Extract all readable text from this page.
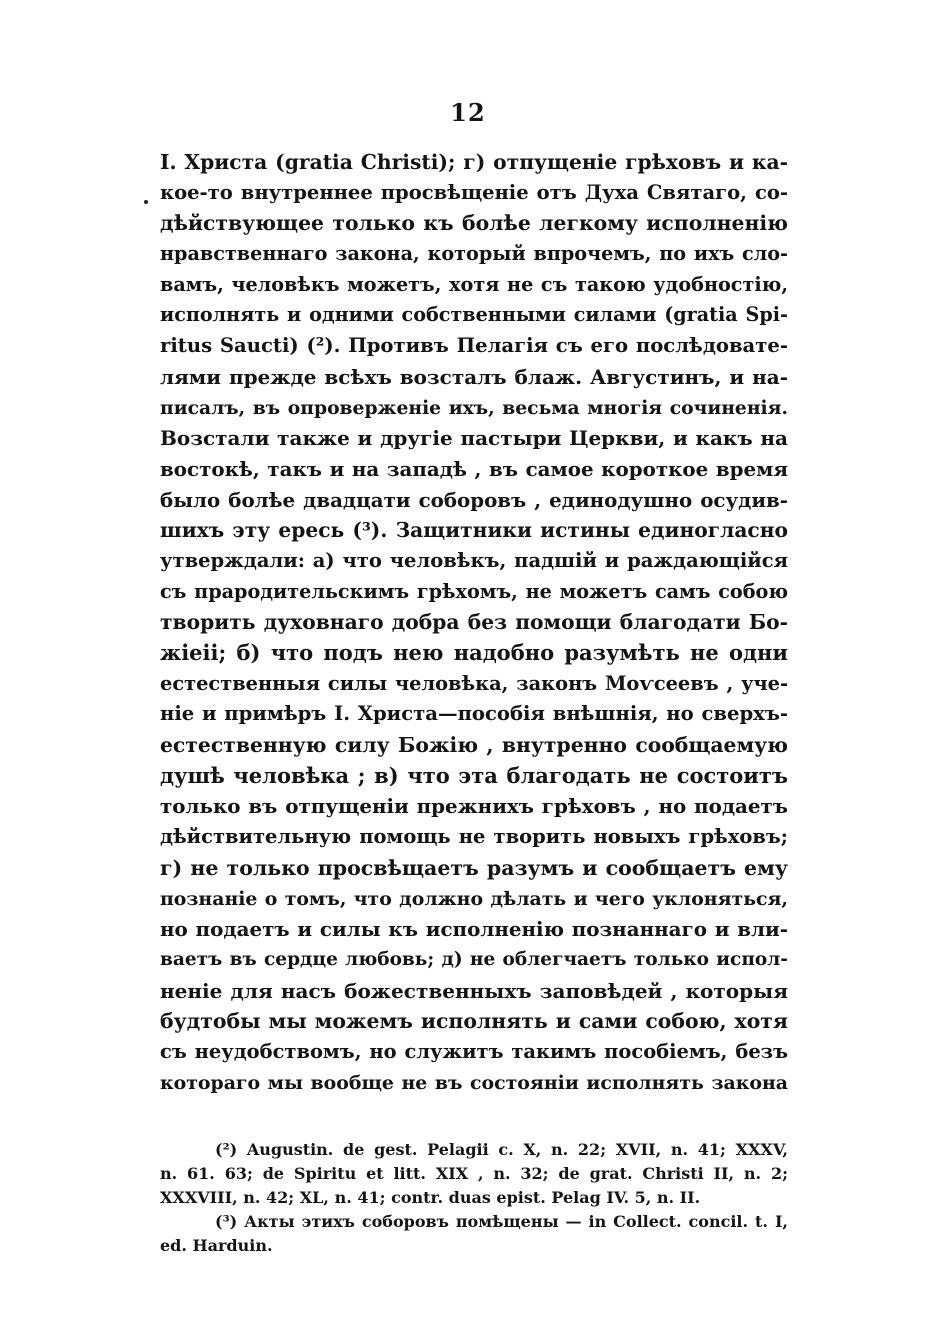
12
I. Христа (gratia Christi); г) отпущеніе грѣховъ и ка-
кое-то внутреннее просвѣщеніе отъ Духа Святаго, со-
дѣйствующее только къ болѣе легкому исполненію
нравственнаго закона, который впрочемъ, по ихъ сло-
вамъ, человѣкъ можетъ, хотя не съ такою удобностію,
исполнять и одними собственными силами (gratia Spi-
ritus Saucti) (²). Противъ Пелагія съ его послѣдовате-
лями прежде всѣхъ возсталъ блаж. Августинъ, и на-
писалъ, въ опроверженіе ихъ, весьма многія сочиненія.
Возстали также и другіе пастыри Церкви, и какъ на
востокѣ, такъ и на западѣ , въ самое короткое время
было болѣе двадцати соборовъ , единодушно осудив-
шихъ эту ересь (³). Защитники истины единогласно
утверждали: а) что человѣкъ, падшій и раждающійся
съ прародительскимъ грѣхомъ, не можетъ самъ собою
творить духовнаго добра без помощи благодати Бо-
жіеіі; б) что подъ нею надобно разумѣть не одни
естественныя силы человѣка, законъ Моѵсеевъ , уче-
ніе и примѣръ I. Христа—пособія внѣшнія, но сверхъ-
естественную силу Божію , внутренно сообщаемую
душѣ человѣка ; в) что эта благодать не состоитъ
только въ отпущеніи прежнихъ грѣховъ , но подаетъ
дѣйствительную помощь не творить новыхъ грѣховъ;
г) не только просвѣщаетъ разумъ и сообщаетъ ему
познаніе о томъ, что должно дѣлать и чего уклоняться,
но подаетъ и силы къ исполненію познаннаго и вли-
ваетъ въ сердце любовь; д) не облегчаетъ только испол-
неніе для насъ божественныхъ заповѣдей , которыя
будтобы мы можемъ исполнять и сами собою, хотя
съ неудобствомъ, но служитъ такимъ пособіемъ, безъ
котораго мы вообще не въ состояніи исполнять закона
(²) Augustin. de gest. Pelagii c. X, n. 22; XVII, n. 41; XXXV,
n. 61. 63; de Spiritu et litt. XIX , n. 32; de grat. Christi II, n. 2;
XXXVIII, n. 42; XL, n. 41; contr. duas epist. Pelag IV. 5, n. II.
(³) Акты этихъ соборовъ помѣщены — in Collect. concil. t. I,
ed. Harduin.
